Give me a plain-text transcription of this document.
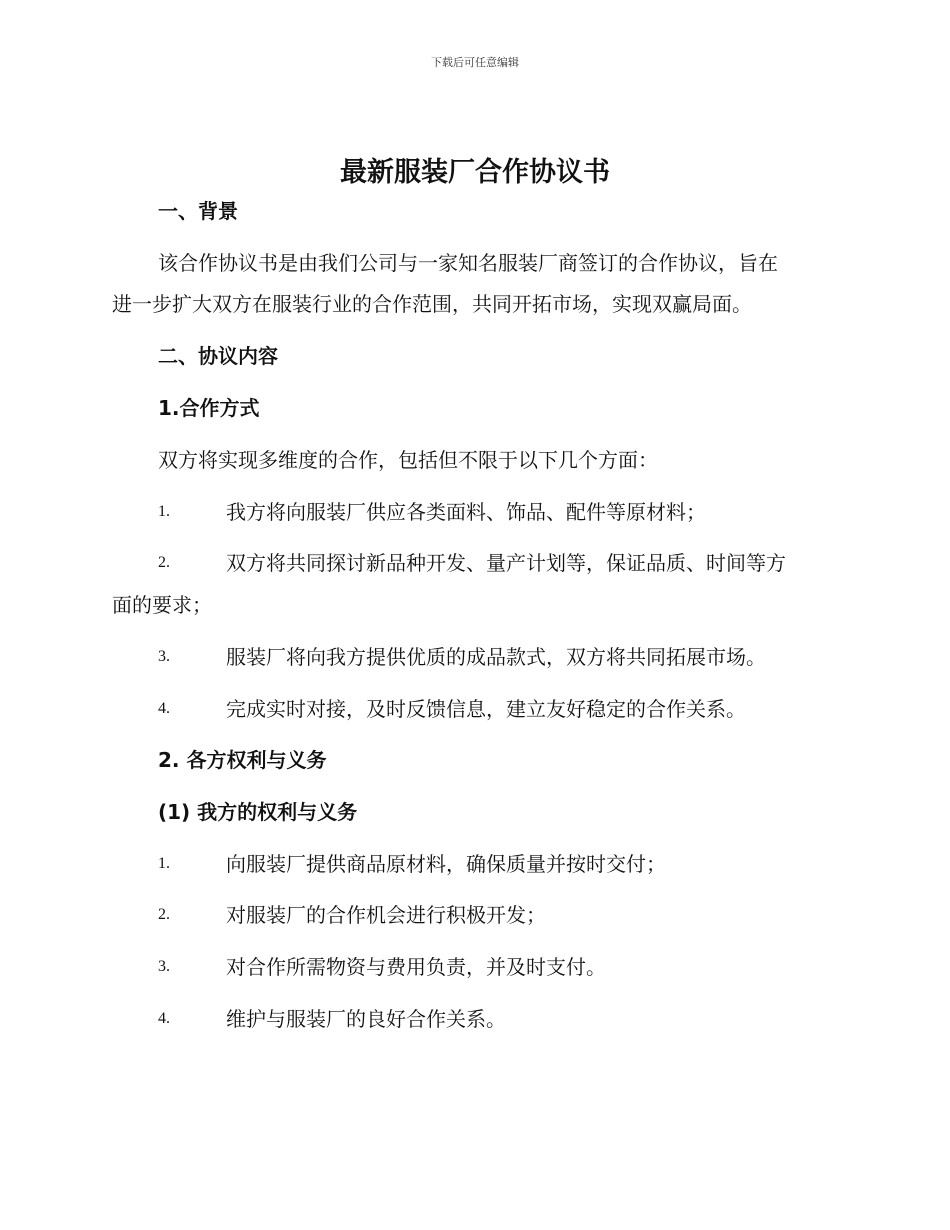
下载后可任意编辑
最新服装厂合作协议书

一、背景

该合作协议书是由我们公司与一家知名服装厂商签订的合作协议，旨在

进一步扩大双方在服装行业的合作范围，共同开拓市场，实现双赢局面。

二、协议内容

1.合作方式

双方将实现多维度的合作，包括但不限于以下几个方面：

1.	我方将向服装厂供应各类面料、饰品、配件等原材料；
2.	双方将共同探讨新品种开发、量产计划等，保证品质、时间等方
面的要求；
3.	服装厂将向我方提供优质的成品款式，双方将共同拓展市场。
4.	完成实时对接，及时反馈信息，建立友好稳定的合作关系。

2. 各方权利与义务

(1) 我方的权利与义务

1.	向服装厂提供商品原材料，确保质量并按时交付；
2.	对服装厂的合作机会进行积极开发；
3.	对合作所需物资与费用负责，并及时支付。
4.	维护与服装厂的良好合作关系。
